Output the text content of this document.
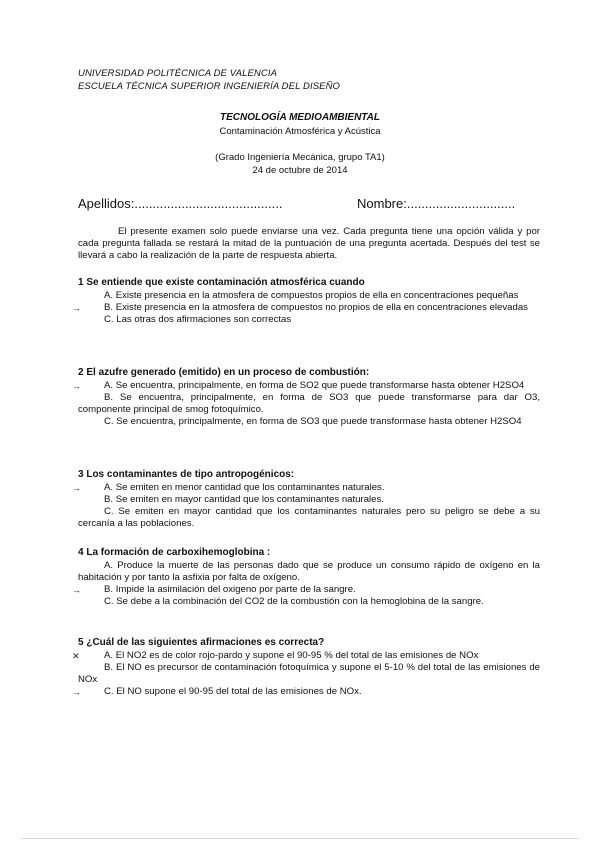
UNIVERSIDAD POLITÉCNICA DE VALENCIA
ESCUELA TÉCNICA SUPERIOR INGENIERÍA DEL DISEÑO
TECNOLOGÍA MEDIOAMBIENTAL
Contaminación Atmosférica y Acústica
(Grado Ingeniería Mecánica, grupo TA1)
24 de octubre de 2014
Apellidos:.........................................	Nombre:..............................
El presente examen solo puede enviarse una vez. Cada pregunta tiene una opción válida y por cada pregunta fallada se restará la mitad de la puntuación de una pregunta acertada. Después del test se llevará a cabo la realización de la parte de respuesta abierta.
1 Se entiende que existe contaminación atmosférica cuando
A. Existe presencia en la atmosfera de compuestos propios de ella en concentraciones pequeñas
→ B. Existe presencia en la atmosfera de compuestos no propios de ella en concentraciones elevadas
C. Las otras dos afirmaciones son correctas
2 El azufre generado (emitido) en un proceso de combustión:
→ A. Se encuentra, principalmente, en forma de SO2 que puede transformarse hasta obtener H2SO4
B. Se encuentra, principalmente, en forma de SO3 que puede transformarse para dar O3, componente principal de smog fotoquímico.
C. Se encuentra, principalmente, en forma de SO3 que puede transformase hasta obtener H2SO4
3 Los contaminantes de tipo antropogénicos:
→ A. Se emiten en menor cantidad que los contaminantes naturales.
B. Se emiten en mayor cantidad que los contaminantes naturales.
C. Se emiten en mayor cantidad que los contaminantes naturales pero su peligro se debe a su cercanía a las poblaciones.
4 La formación de carboxihemoglobina :
A. Produce la muerte de las personas dado que se produce un consumo rápido de oxígeno en la habitación y por tanto la asfixia por falta de oxígeno.
→ B. Impide la asimilación del oxigeno por parte de la sangre.
C. Se debe a la combinación del CO2 de la combustión con la hemoglobina de la sangre.
5 ¿Cuál de las siguientes afirmaciones es correcta?
✕	A. El NO2 es de color rojo-pardo y supone el 90-95 % del total de las emisiones de NOx
B. El NO es precursor de contaminación fotoquímica y supone el 5-10 % del total de las emisiones de NOx
→ C. El NO supone el 90-95 del total de las emisiones de NOx.
